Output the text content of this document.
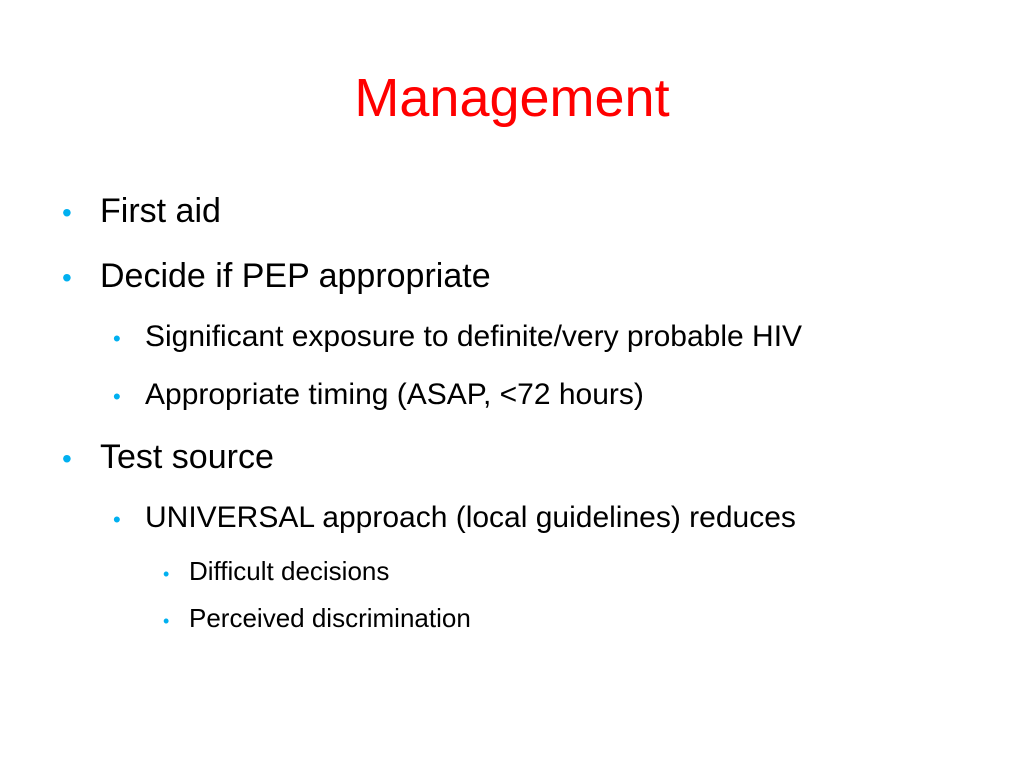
Management
• First aid
• Decide if PEP appropriate
• Significant exposure to definite/very probable HIV
• Appropriate timing (ASAP, <72 hours)
• Test source
• UNIVERSAL approach (local guidelines) reduces
• Difficult decisions
• Perceived discrimination
